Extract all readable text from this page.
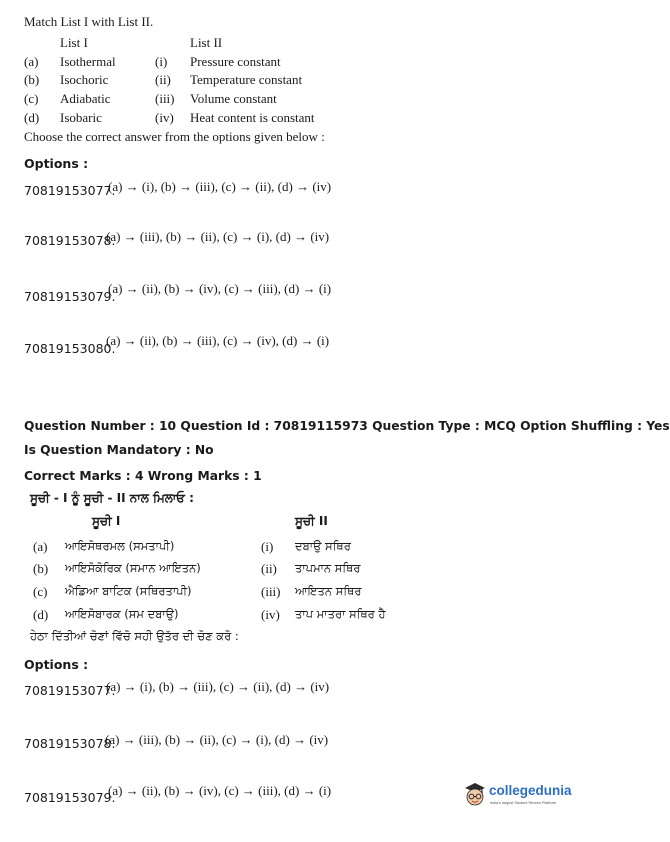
Match List I with List II.
List I	List II
(a) Isothermal	(i) Pressure constant
(b) Isochoric	(ii) Temperature constant
(c) Adiabatic	(iii) Volume constant
(d) Isobaric	(iv) Heat content is constant
Choose the correct answer from the options given below :
Options :
70819153077.
(a) → (i), (b) → (iii), (c) → (ii), (d) → (iv)
70819153078.
(a) → (iii), (b) → (ii), (c) → (i), (d) → (iv)
70819153079.
(a) → (ii), (b) → (iv), (c) → (iii), (d) → (i)
70819153080.
(a) → (ii), (b) → (iii), (c) → (iv), (d) → (i)
Question Number : 10 Question Id : 70819115973 Question Type : MCQ Option Shuffling : Yes
Is Question Mandatory : No
Correct Marks : 4 Wrong Marks : 1
ਸੂਚੀ - I ਨੂੰ ਸੂਚੀ - II ਨਾਲ ਮਿਲਾਓ :
ਸੂਚੀ I	ਸੂਚੀ II
(a) ਆਇਸੋਥਰਮਲ (ਸਮਤਾਪੀ)	(i) ਦਬਾਉ ਸਥਿਰ
(b) ਆਇਸੋਕੋਰਿਕ (ਸਮਾਨ ਆਇਤਨ)	(ii) ਤਾਪਮਾਨ ਸਥਿਰ
(c) ਐਡਿਆ ਬਾਟਿਕ (ਸਥਿਰਤਾਪੀ)	(iii) ਆਇਤਨ ਸਥਿਰ
(d) ਆਇਸੋਬਾਰਕ (ਸਮ ਦਬਾਉ)	(iv) ਤਾਪ ਮਾਤਰਾ ਸਥਿਰ ਹੈ
ਹੇਠਾ ਦਿੱਤੀਆਂ ਚੋਣਾਂ ਵਿੱਚੋ ਸਹੀ ਉਤੱਰ ਦੀ ਚੋਣ ਕਰੋ :
Options :
70819153077.
(a) → (i), (b) → (iii), (c) → (ii), (d) → (iv)
70819153078.
(a) → (iii), (b) → (ii), (c) → (i), (d) → (iv)
70819153079.
(a) → (ii), (b) → (iv), (c) → (iii), (d) → (i)	collegedunia
India's largest Student Review Platform
